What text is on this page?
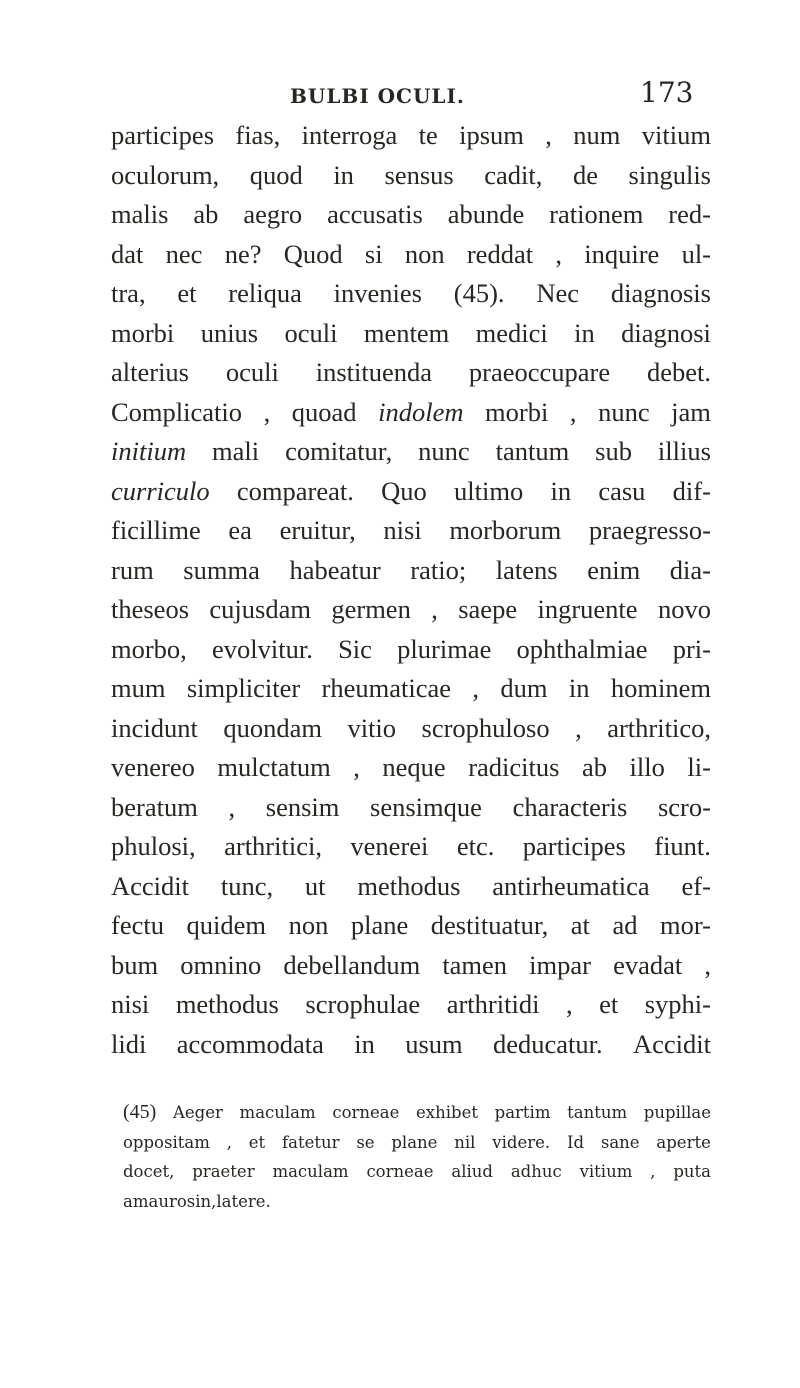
BULBI OCULI.	173
participes fias, interroga te ipsum , num vitium
oculorum, quod in sensus cadit, de singulis
malis ab aegro accusatis abunde rationem red-
dat nec ne? Quod si non reddat , inquire ul-
tra, et reliqua invenies (45). Nec diagnosis
morbi unius oculi mentem medici in diagnosi
alterius oculi instituenda praeoccupare debet.
Complicatio , quoad indolem morbi , nunc jam
initium mali comitatur, nunc tantum sub illius
curriculo compareat. Quo ultimo in casu dif-
ficillime ea eruitur, nisi morborum praegresso-
rum summa habeatur ratio; latens enim dia-
theseos cujusdam germen , saepe ingruente novo
morbo, evolvitur. Sic plurimae ophthalmiae pri-
mum simpliciter rheumaticae , dum in hominem
incidunt quondam vitio scrophuloso , arthritico,
venereo mulctatum , neque radicitus ab illo li-
beratum , sensim sensimque characteris scro-
phulosi, arthritici, venerei etc. participes fiunt.
Accidit tunc, ut methodus antirheumatica ef-
fectu quidem non plane destituatur, at ad mor-
bum omnino debellandum tamen impar evadat ,
nisi methodus scrophulae arthritidi , et syphi-
lidi accommodata in usum deducatur. Accidit
(45) Aeger maculam corneae exhibet partim tantum pupillae
oppositam , et fatetur se plane nil videre. Id sane aperte
docet, praeter maculam corneae aliud adhuc vitium , puta
amaurosin , latere.
